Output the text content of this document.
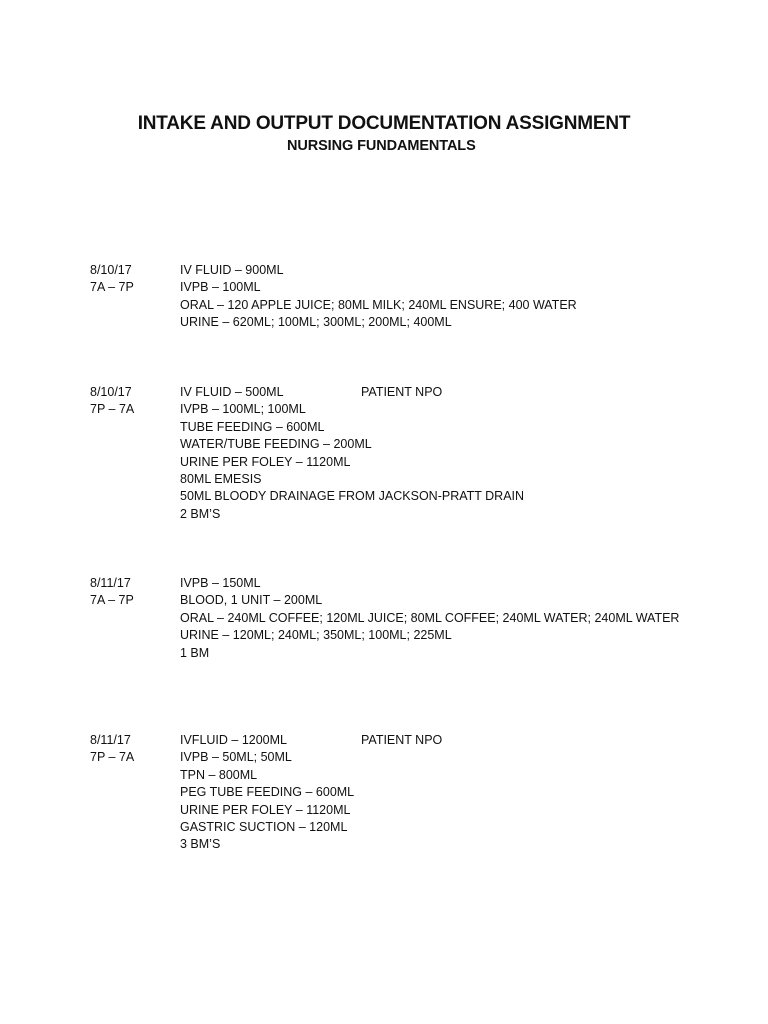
INTAKE AND OUTPUT DOCUMENTATION ASSIGNMENT
NURSING FUNDAMENTALS
8/10/17
7A – 7P
IV FLUID – 900ML
IVPB – 100ML
ORAL – 120 APPLE JUICE; 80ML MILK; 240ML ENSURE; 400 WATER
URINE – 620ML; 100ML; 300ML; 200ML; 400ML
8/10/17
7P – 7A
IV FLUID – 500ML
IVPB – 100ML; 100ML
TUBE FEEDING – 600ML
WATER/TUBE FEEDING – 200ML
URINE PER FOLEY – 1120ML
80ML EMESIS
50ML BLOODY DRAINAGE FROM JACKSON-PRATT DRAIN
2 BM’S
PATIENT NPO
8/11/17
7A – 7P
IVPB – 150ML
BLOOD, 1 UNIT – 200ML
ORAL – 240ML COFFEE; 120ML JUICE; 80ML COFFEE; 240ML WATER; 240ML WATER
URINE – 120ML; 240ML; 350ML; 100ML; 225ML
1 BM
8/11/17
7P – 7A
IVFLUID – 1200ML
IVPB – 50ML; 50ML
TPN – 800ML
PEG TUBE FEEDING – 600ML
URINE PER FOLEY – 1120ML
GASTRIC SUCTION – 120ML
3 BM’S
PATIENT NPO
